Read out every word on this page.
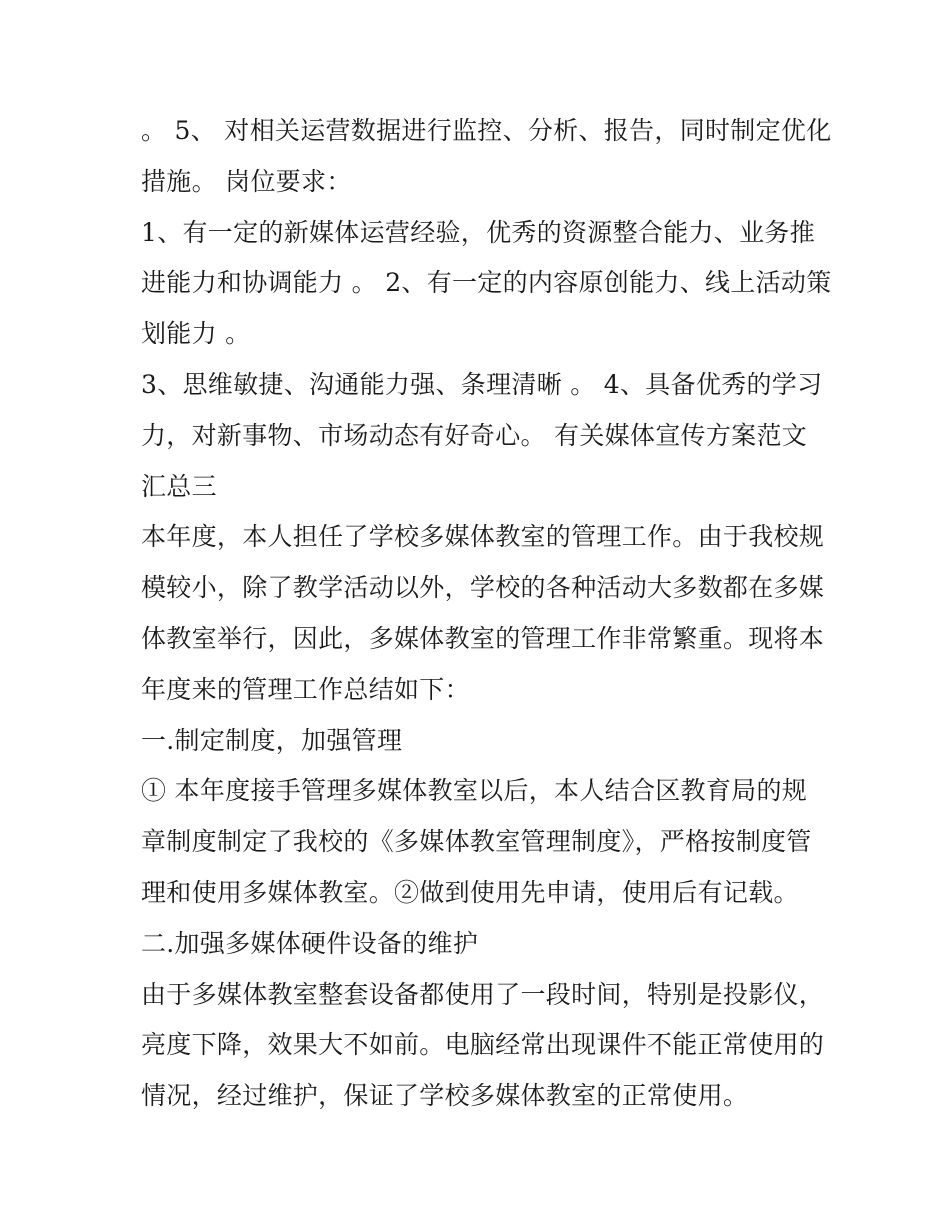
。 5、 对相关运营数据进行监控、分析、报告，同时制定优化
措施。 岗位要求：
1、有一定的新媒体运营经验，优秀的资源整合能力、业务推
进能力和协调能力 。 2、有一定的内容原创能力、线上活动策
划能力 。
3、思维敏捷、沟通能力强、条理清晰 。 4、具备优秀的学习
力，对新事物、市场动态有好奇心。 有关媒体宣传方案范文
汇总三
本年度，本人担任了学校多媒体教室的管理工作。由于我校规
模较小，除了教学活动以外，学校的各种活动大多数都在多媒
体教室举行，因此，多媒体教室的管理工作非常繁重。现将本
年度来的管理工作总结如下：
一.制定制度，加强管理
① 本年度接手管理多媒体教室以后，本人结合区教育局的规
章制度制定了我校的《多媒体教室管理制度》，严格按制度管
理和使用多媒体教室。②做到使用先申请，使用后有记载。
二.加强多媒体硬件设备的维护
由于多媒体教室整套设备都使用了一段时间，特别是投影仪，
亮度下降，效果大不如前。电脑经常出现课件不能正常使用的
情况，经过维护，保证了学校多媒体教室的正常使用。
